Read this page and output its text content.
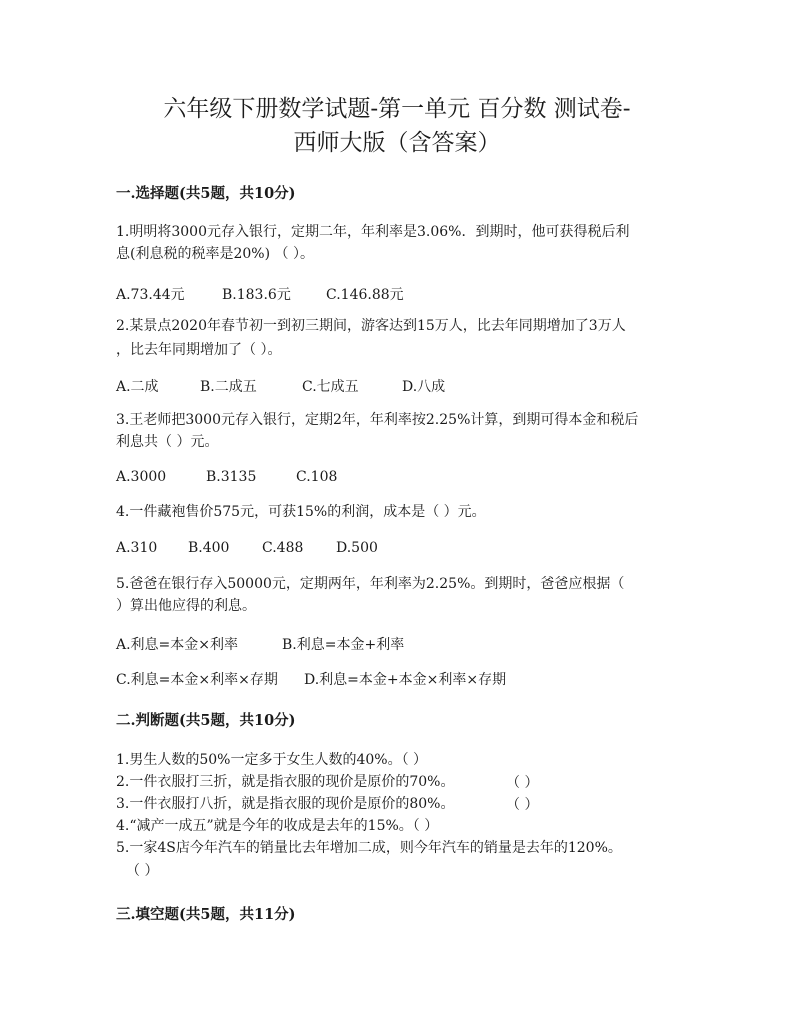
六年级下册数学试题-第一单元 百分数 测试卷-
西师大版（含答案）
一.选择题(共5题，共10分)
1.明明将3000元存入银行，定期二年，年利率是3.06%．到期时，他可获得税后利
息(利息税的税率是20%) （ ）。
A.73.44元	B.183.6元	C.146.88元
2.某景点2020年春节初一到初三期间，游客达到15万人，比去年同期增加了3万人
，比去年同期增加了（ ）。
A.二成	B.二成五	C.七成五	D.八成
3.王老师把3000元存入银行，定期2年，年利率按2.25%计算，到期可得本金和税后
利息共（ ）元。
A.3000	B.3135	C.108
4.一件藏袍售价575元，可获15%的利润，成本是（ ）元。
A.310 B.400 C.488 D.500
5.爸爸在银行存入50000元，定期两年，年利率为2.25%。到期时，爸爸应根据（
）算出他应得的利息。
A.利息=本金×利率	B.利息=本金+利率
C.利息=本金×利率×存期 D.利息=本金+本金×利率×存期
二.判断题(共5题，共10分)
1.男生人数的50%一定多于女生人数的40%。（ ）
2.一件衣服打三折，就是指衣服的现价是原价的70%。	（ ）
3.一件衣服打八折，就是指衣服的现价是原价的80%。	（ ）
4.“减产一成五”就是今年的收成是去年的15%。（ ）
5.一家4S店今年汽车的销量比去年增加二成，则今年汽车的销量是去年的120%。
（ ）
三.填空题(共5题，共11分)
